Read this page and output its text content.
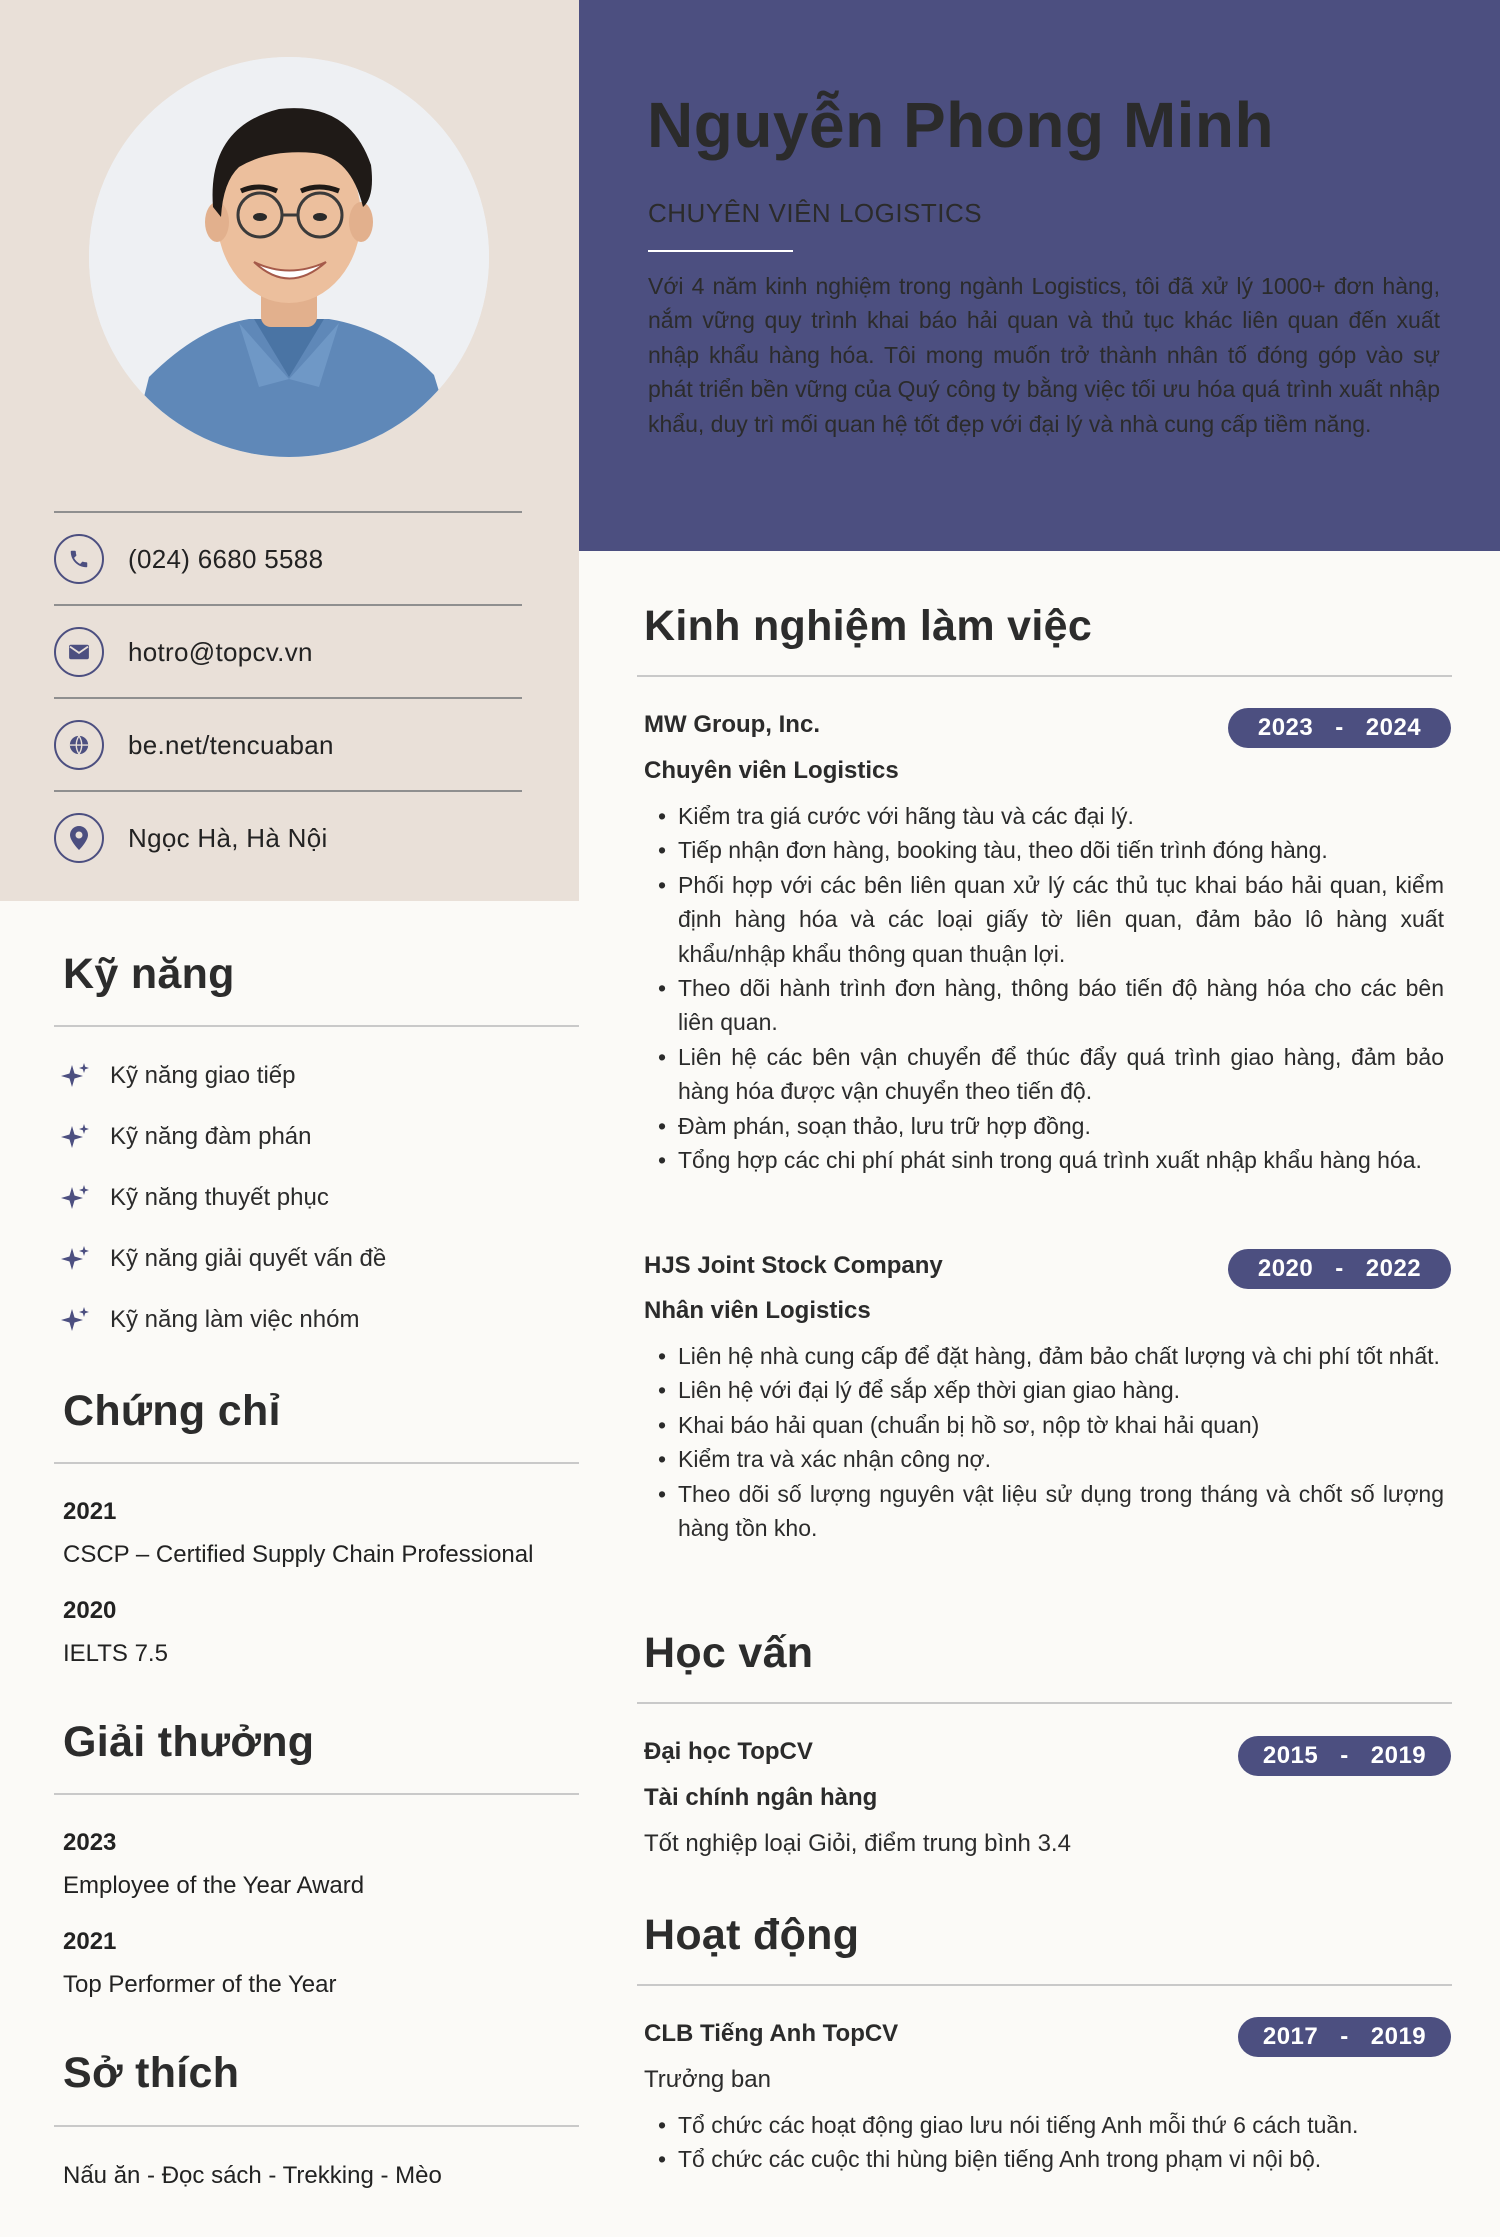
(024) 6680 5588
hotro@topcv.vn
be.net/tencuaban
Ngọc Hà, Hà Nội
Nguyễn Phong Minh
CHUYÊN VIÊN LOGISTICS
Với 4 năm kinh nghiệm trong ngành Logistics, tôi đã xử lý 1000+ đơn hàng, nắm vững quy trình khai báo hải quan và thủ tục khác liên quan đến xuất nhập khẩu hàng hóa. Tôi mong muốn trở thành nhân tố đóng góp vào sự phát triển bền vững của Quý công ty bằng việc tối ưu hóa quá trình xuất nhập khẩu, duy trì mối quan hệ tốt đẹp với đại lý và nhà cung cấp tiềm năng.
Kỹ năng
Kỹ năng giao tiếp
Kỹ năng đàm phán
Kỹ năng thuyết phục
Kỹ năng giải quyết vấn đề
Kỹ năng làm việc nhóm
Chứng chỉ
2021
CSCP – Certified Supply Chain Professional
2020
IELTS 7.5
Giải thưởng
2023
Employee of the Year Award
2021
Top Performer of the Year
Sở thích
Nấu ăn - Đọc sách - Trekking - Mèo
Kinh nghiệm làm việc
MW Group, Inc.	2023 - 2024
Chuyên viên Logistics
• Kiểm tra giá cước với hãng tàu và các đại lý.
• Tiếp nhận đơn hàng, booking tàu, theo dõi tiến trình đóng hàng.
• Phối hợp với các bên liên quan xử lý các thủ tục khai báo hải quan, kiểm định hàng hóa và các loại giấy tờ liên quan, đảm bảo lô hàng xuất khẩu/nhập khẩu thông quan thuận lợi.
• Theo dõi hành trình đơn hàng, thông báo tiến độ hàng hóa cho các bên liên quan.
• Liên hệ các bên vận chuyển để thúc đẩy quá trình giao hàng, đảm bảo hàng hóa được vận chuyển theo tiến độ.
• Đàm phán, soạn thảo, lưu trữ hợp đồng.
• Tổng hợp các chi phí phát sinh trong quá trình xuất nhập khẩu hàng hóa.
HJS Joint Stock Company	2020 - 2022
Nhân viên Logistics
• Liên hệ nhà cung cấp để đặt hàng, đảm bảo chất lượng và chi phí tốt nhất.
• Liên hệ với đại lý để sắp xếp thời gian giao hàng.
• Khai báo hải quan (chuẩn bị hồ sơ, nộp tờ khai hải quan)
• Kiểm tra và xác nhận công nợ.
• Theo dõi số lượng nguyên vật liệu sử dụng trong tháng và chốt số lượng hàng tồn kho.
Học vấn
Đại học TopCV	2015 - 2019
Tài chính ngân hàng
Tốt nghiệp loại Giỏi, điểm trung bình 3.4
Hoạt động
CLB Tiếng Anh TopCV	2017 - 2019
Trưởng ban
• Tổ chức các hoạt động giao lưu nói tiếng Anh mỗi thứ 6 cách tuần.
• Tổ chức các cuộc thi hùng biện tiếng Anh trong phạm vi nội bộ.
